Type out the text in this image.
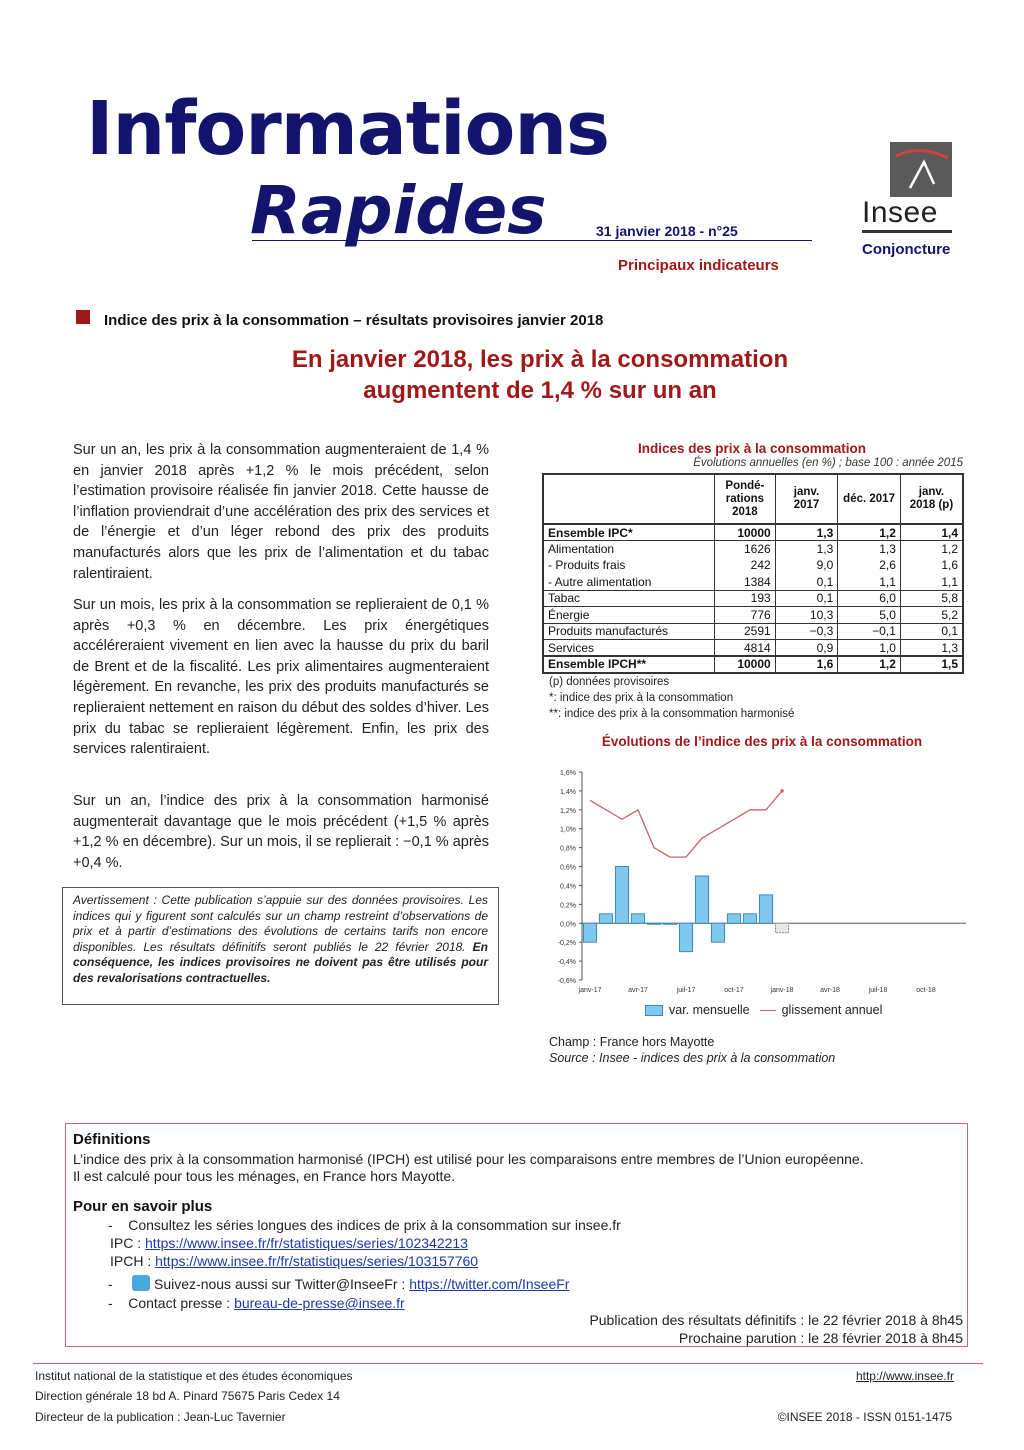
Informations
Rapides	31 janvier 2018 - n°25
Principaux indicateurs
Insee
Conjoncture
Indice des prix à la consommation – résultats provisoires janvier 2018
En janvier 2018, les prix à la consommation
augmentent de 1,4 % sur un an
Sur un an, les prix à la consommation augmenteraient de 1,4 % en janvier 2018 après +1,2 % le mois précédent, selon l’estimation provisoire réalisée fin janvier 2018. Cette hausse de l’inflation proviendrait d’une accélération des prix des services et de l’énergie et d’un léger rebond des prix des produits manufacturés alors que les prix de l’alimentation et du tabac ralentiraient.
Sur un mois, les prix à la consommation se replieraient de 0,1 % après +0,3 % en décembre. Les prix énergétiques accéléreraient vivement en lien avec la hausse du prix du baril de Brent et de la fiscalité. Les prix alimentaires augmenteraient légèrement. En revanche, les prix des produits manufacturés se replieraient nettement en raison du début des soldes d’hiver. Les prix du tabac se replieraient légèrement. Enfin, les prix des services ralentiraient.
Sur un an, l’indice des prix à la consommation harmonisé augmenterait davantage que le mois précédent (+1,5 % après +1,2 % en décembre). Sur un mois, il se replierait : −0,1 % après +0,4 %.
Avertissement : Cette publication s’appuie sur des données provisoires. Les indices qui y figurent sont calculés sur un champ restreint d’observations de prix et à partir d’estimations des évolutions de certains tarifs non encore disponibles. Les résultats définitifs seront publiés le 22 février 2018. En conséquence, les indices provisoires ne doivent pas être utilisés pour des revalorisations contractuelles.
Indices des prix à la consommation
Évolutions annuelles (en %) ; base 100 : année 2015
	Pondé-rations 2018	janv. 2017	déc. 2017	janv. 2018 (p)
Ensemble IPC*	10000	1,3	1,2	1,4
Alimentation	1626	1,3	1,3	1,2
- Produits frais	242	9,0	2,6	1,6
- Autre alimentation	1384	0,1	1,1	1,1
Tabac	193	0,1	6,0	5,8
Énergie	776	10,3	5,0	5,2
Produits manufacturés	2591	−0,3	−0,1	0,1
Services	4814	0,9	1,0	1,3
Ensemble IPCH**	10000	1,6	1,2	1,5
(p) données provisoires
*: indice des prix à la consommation
**: indice des prix à la consommation harmonisé
Évolutions de l’indice des prix à la consommation
1,6%
1,4%
1,2%
1,0%
0,8%
0,6%
0,4%
0,2%
0,0%
-0,2%
-0,4%
-0,6%
janv-17	avr-17	juil-17	oct-17	janv-18	avr-18	juil-18	oct-18
var. mensuelle	glissement annuel
Champ : France hors Mayotte
Source : Insee - indices des prix à la consommation
Définitions
L’indice des prix à la consommation harmonisé (IPCH) est utilisé pour les comparaisons entre membres de l’Union européenne.
Il est calculé pour tous les ménages, en France hors Mayotte.
Pour en savoir plus
-    Consultez les séries longues des indices de prix à la consommation sur insee.fr
IPC : https://www.insee.fr/fr/statistiques/series/102342213
IPCH : https://www.insee.fr/fr/statistiques/series/103157760
-      Suivez-nous aussi sur Twitter@InseeFr : https://twitter.com/InseeFr
-    Contact presse : bureau-de-presse@insee.fr
Publication des résultats définitifs : le 22 février 2018 à 8h45
Prochaine parution : le 28 février 2018 à 8h45
Institut national de la statistique et des études économiques
Direction générale 18 bd A. Pinard 75675 Paris Cedex 14
Directeur de la publication : Jean-Luc Tavernier
http://www.insee.fr
©INSEE 2018 - ISSN 0151-1475
